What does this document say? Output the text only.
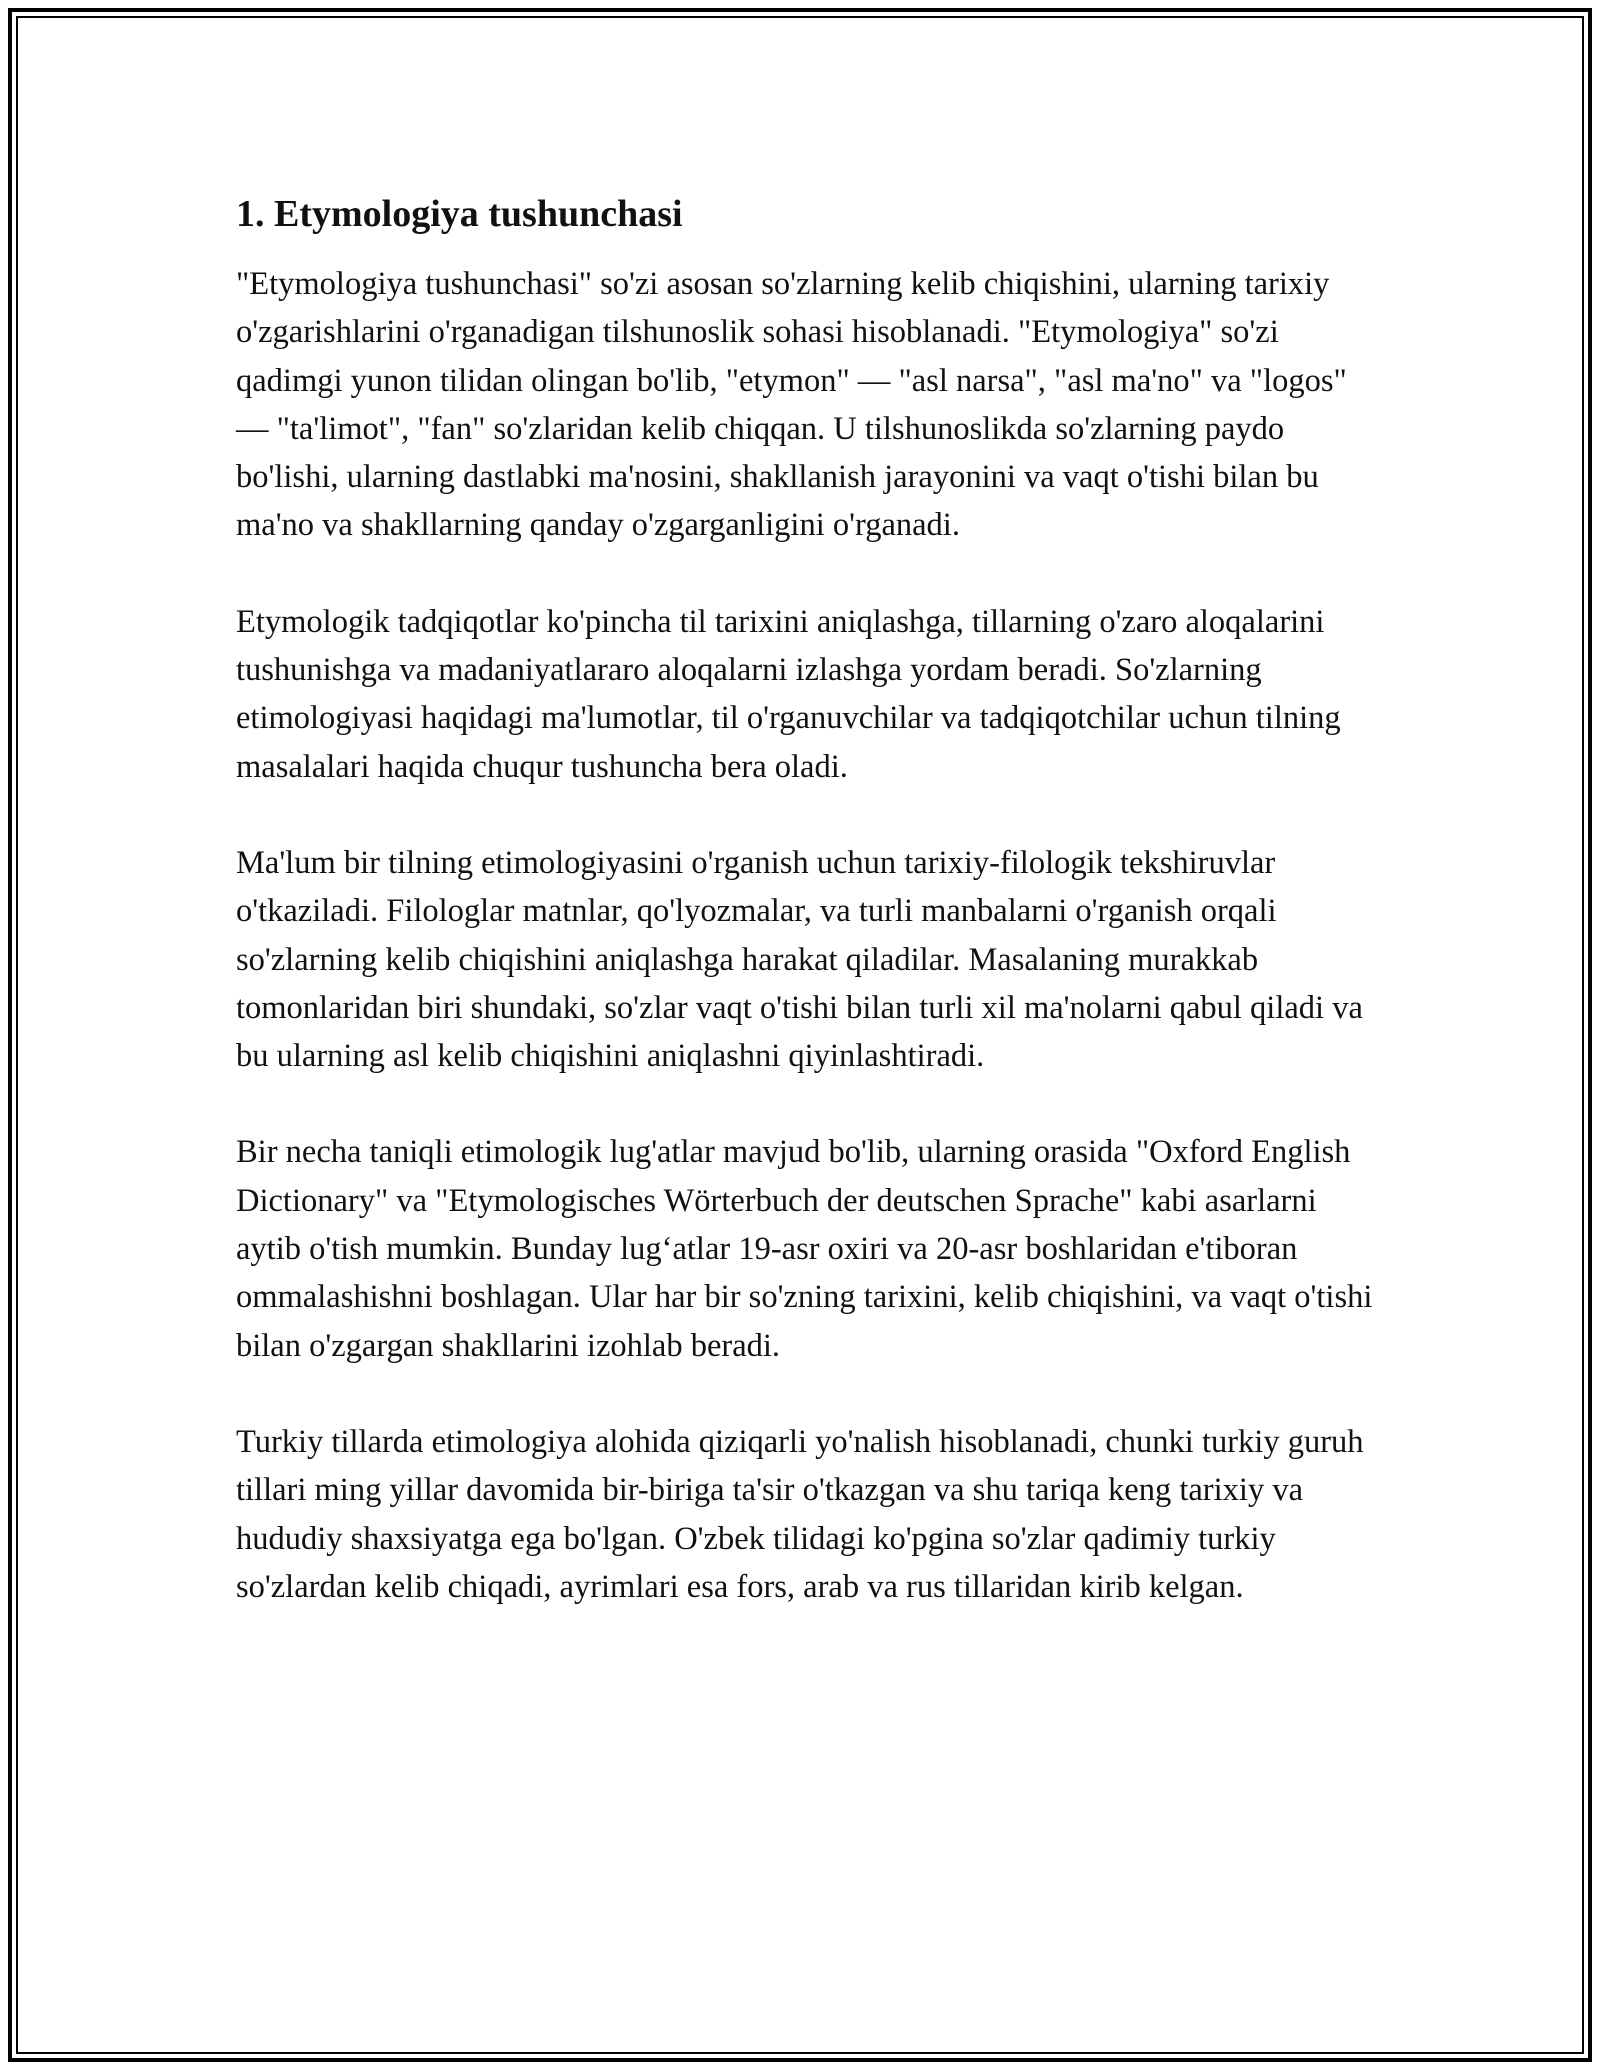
1. Etymologiya tushunchasi

"Etymologiya tushunchasi" so'zi asosan so'zlarning kelib chiqishini, ularning tarixiy o'zgarishlarini o'rganadigan tilshunoslik sohasi hisoblanadi. "Etymologiya" so'zi qadimgi yunon tilidan olingan bo'lib, "etymon" — "asl narsa", "asl ma'no" va "logos" — "ta'limot", "fan" so'zlaridan kelib chiqqan. U tilshunoslikda so'zlarning paydo bo'lishi, ularning dastlabki ma'nosini, shakllanish jarayonini va vaqt o'tishi bilan bu ma'no va shakllarning qanday o'zgarganligini o'rganadi.

Etymologik tadqiqotlar ko'pincha til tarixini aniqlashga, tillarning o'zaro aloqalarini tushunishga va madaniyatlararo aloqalarni izlashga yordam beradi. So'zlarning etimologiyasi haqidagi ma'lumotlar, til o'rganuvchilar va tadqiqotchilar uchun tilning masalalari haqida chuqur tushuncha bera oladi.

Ma'lum bir tilning etimologiyasini o'rganish uchun tarixiy-filologik tekshiruvlar o'tkaziladi. Filologlar matnlar, qo'lyozmalar, va turli manbalarni o'rganish orqali so'zlarning kelib chiqishini aniqlashga harakat qiladilar. Masalaning murakkab tomonlaridan biri shundaki, so'zlar vaqt o'tishi bilan turli xil ma'nolarni qabul qiladi va bu ularning asl kelib chiqishini aniqlashni qiyinlashtiradi.

Bir necha taniqli etimologik lug'atlar mavjud bo'lib, ularning orasida "Oxford English Dictionary" va "Etymologisches Wörterbuch der deutschen Sprache" kabi asarlarni aytib o'tish mumkin. Bunday lug‘atlar 19-asr oxiri va 20-asr boshlaridan e'tiboran ommalashishni boshlagan. Ular har bir so'zning tarixini, kelib chiqishini, va vaqt o'tishi bilan o'zgargan shakllarini izohlab beradi.

Turkiy tillarda etimologiya alohida qiziqarli yo'nalish hisoblanadi, chunki turkiy guruh tillari ming yillar davomida bir-biriga ta'sir o'tkazgan va shu tariqa keng tarixiy va hududiy shaxsiyatga ega bo'lgan. O'zbek tilidagi ko'pgina so'zlar qadimiy turkiy so'zlardan kelib chiqadi, ayrimlari esa fors, arab va rus tillaridan kirib kelgan.
